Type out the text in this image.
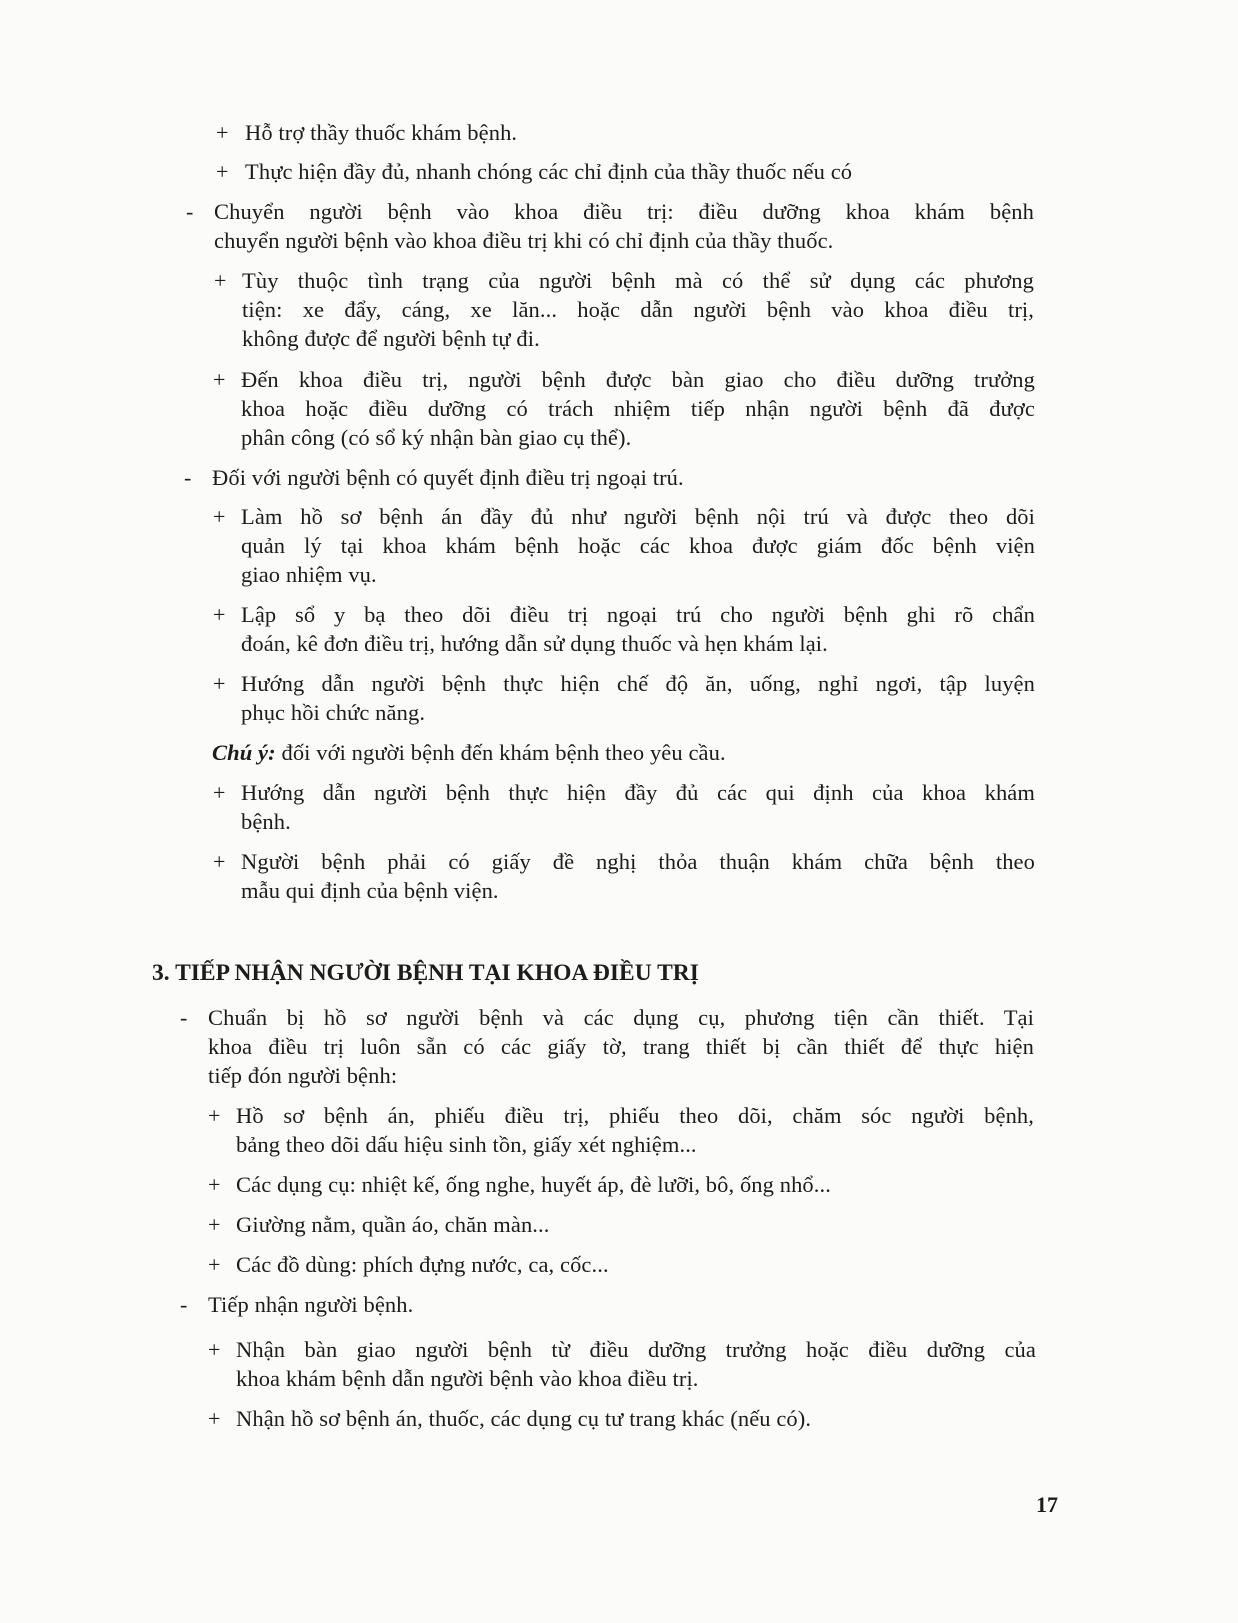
+ Hỗ trợ thầy thuốc khám bệnh.
+ Thực hiện đầy đủ, nhanh chóng các chỉ định của thầy thuốc nếu có
- Chuyển người bệnh vào khoa điều trị: điều dưỡng khoa khám bệnh
chuyển người bệnh vào khoa điều trị khi có chỉ định của thầy thuốc.
+ Tùy thuộc tình trạng của người bệnh mà có thể sử dụng các phương
tiện: xe đẩy, cáng, xe lăn... hoặc dẫn người bệnh vào khoa điều trị,
không được để người bệnh tự đi.
+ Đến khoa điều trị, người bệnh được bàn giao cho điều dưỡng trưởng
khoa hoặc điều dưỡng có trách nhiệm tiếp nhận người bệnh đã được
phân công (có sổ ký nhận bàn giao cụ thể).
- Đối với người bệnh có quyết định điều trị ngoại trú.
+ Làm hồ sơ bệnh án đầy đủ như người bệnh nội trú và được theo dõi
quản lý tại khoa khám bệnh hoặc các khoa được giám đốc bệnh viện
giao nhiệm vụ.
+ Lập sổ y bạ theo dõi điều trị ngoại trú cho người bệnh ghi rõ chẩn
đoán, kê đơn điều trị, hướng dẫn sử dụng thuốc và hẹn khám lại.
+ Hướng dẫn người bệnh thực hiện chế độ ăn, uống, nghỉ ngơi, tập luyện
phục hồi chức năng.
Chú ý: đối với người bệnh đến khám bệnh theo yêu cầu.
+ Hướng dẫn người bệnh thực hiện đầy đủ các qui định của khoa khám
bệnh.
+ Người bệnh phải có giấy đề nghị thỏa thuận khám chữa bệnh theo
mẫu qui định của bệnh viện.
3. TIẾP NHẬN NGƯỜI BỆNH TẠI KHOA ĐIỀU TRỊ
- Chuẩn bị hồ sơ người bệnh và các dụng cụ, phương tiện cần thiết. Tại
khoa điều trị luôn sẵn có các giấy tờ, trang thiết bị cần thiết để thực hiện
tiếp đón người bệnh:
+ Hồ sơ bệnh án, phiếu điều trị, phiếu theo dõi, chăm sóc người bệnh,
bảng theo dõi dấu hiệu sinh tồn, giấy xét nghiệm...
+ Các dụng cụ: nhiệt kế, ống nghe, huyết áp, đè lưỡi, bô, ống nhổ...
+ Giường nằm, quần áo, chăn màn...
+ Các đồ dùng: phích đựng nước, ca, cốc...
- Tiếp nhận người bệnh.
+ Nhận bàn giao người bệnh từ điều dưỡng trưởng hoặc điều dưỡng của
khoa khám bệnh dẫn người bệnh vào khoa điều trị.
+ Nhận hồ sơ bệnh án, thuốc, các dụng cụ tư trang khác (nếu có).
17
